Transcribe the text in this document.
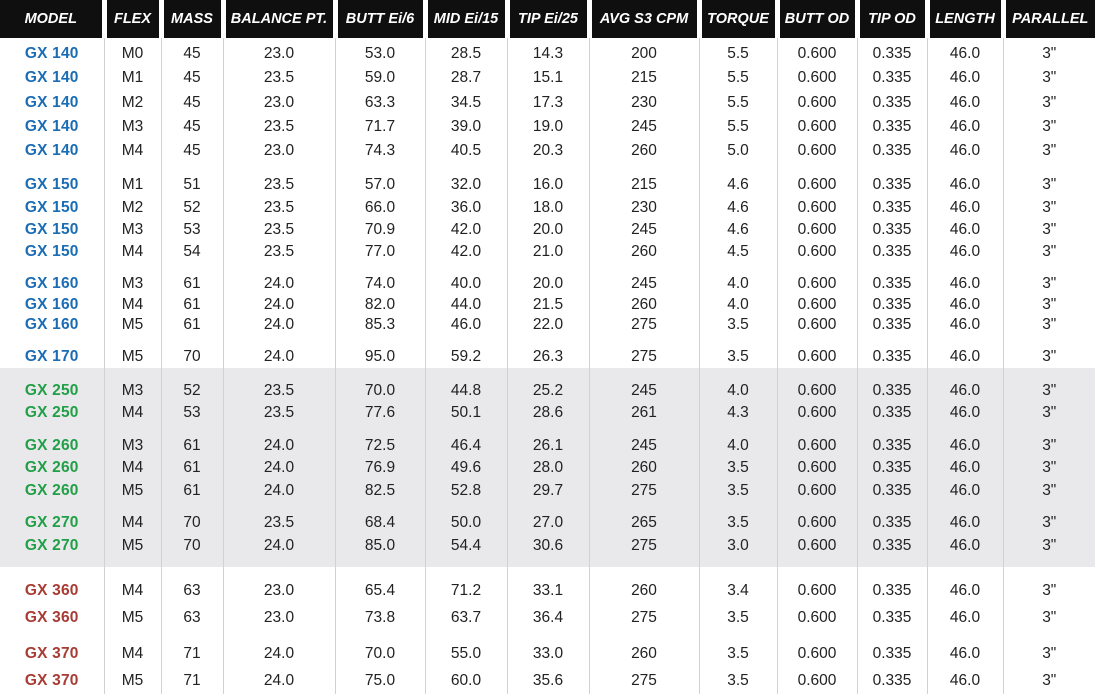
MODEL	FLEX	MASS	BALANCE PT.	BUTT Ei/6	MID Ei/15	TIP Ei/25	AVG S3 CPM	TORQUE	BUTT OD	TIP OD	LENGTH	PARALLEL
GX 140	M0	45	23.0	53.0	28.5	14.3	200	5.5	0.600	0.335	46.0	3"
GX 140	M1	45	23.5	59.0	28.7	15.1	215	5.5	0.600	0.335	46.0	3"
GX 140	M2	45	23.0	63.3	34.5	17.3	230	5.5	0.600	0.335	46.0	3"
GX 140	M3	45	23.5	71.7	39.0	19.0	245	5.5	0.600	0.335	46.0	3"
GX 140	M4	45	23.0	74.3	40.5	20.3	260	5.0	0.600	0.335	46.0	3"
GX 150	M1	51	23.5	57.0	32.0	16.0	215	4.6	0.600	0.335	46.0	3"
GX 150	M2	52	23.5	66.0	36.0	18.0	230	4.6	0.600	0.335	46.0	3"
GX 150	M3	53	23.5	70.9	42.0	20.0	245	4.6	0.600	0.335	46.0	3"
GX 150	M4	54	23.5	77.0	42.0	21.0	260	4.5	0.600	0.335	46.0	3"
GX 160	M3	61	24.0	74.0	40.0	20.0	245	4.0	0.600	0.335	46.0	3"
GX 160	M4	61	24.0	82.0	44.0	21.5	260	4.0	0.600	0.335	46.0	3"
GX 160	M5	61	24.0	85.3	46.0	22.0	275	3.5	0.600	0.335	46.0	3"
GX 170	M5	70	24.0	95.0	59.2	26.3	275	3.5	0.600	0.335	46.0	3"
GX 250	M3	52	23.5	70.0	44.8	25.2	245	4.0	0.600	0.335	46.0	3"
GX 250	M4	53	23.5	77.6	50.1	28.6	261	4.3	0.600	0.335	46.0	3"
GX 260	M3	61	24.0	72.5	46.4	26.1	245	4.0	0.600	0.335	46.0	3"
GX 260	M4	61	24.0	76.9	49.6	28.0	260	3.5	0.600	0.335	46.0	3"
GX 260	M5	61	24.0	82.5	52.8	29.7	275	3.5	0.600	0.335	46.0	3"
GX 270	M4	70	23.5	68.4	50.0	27.0	265	3.5	0.600	0.335	46.0	3"
GX 270	M5	70	24.0	85.0	54.4	30.6	275	3.0	0.600	0.335	46.0	3"
GX 360	M4	63	23.0	65.4	71.2	33.1	260	3.4	0.600	0.335	46.0	3"
GX 360	M5	63	23.0	73.8	63.7	36.4	275	3.5	0.600	0.335	46.0	3"
GX 370	M4	71	24.0	70.0	55.0	33.0	260	3.5	0.600	0.335	46.0	3"
GX 370	M5	71	24.0	75.0	60.0	35.6	275	3.5	0.600	0.335	46.0	3"
